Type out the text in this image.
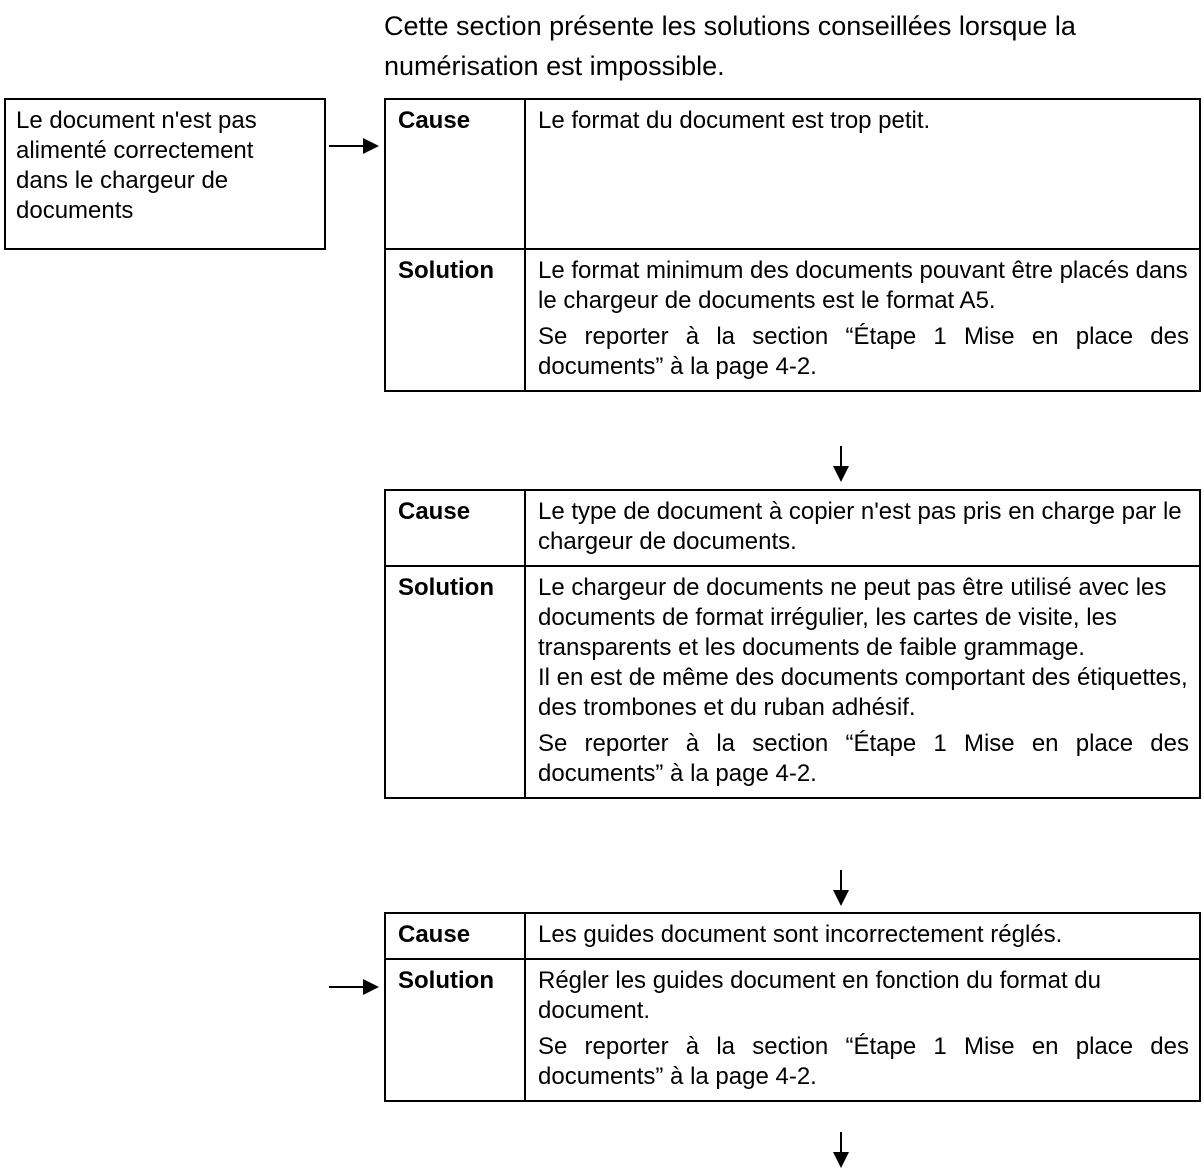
Cette section présente les solutions conseillées lorsque la

numérisation est impossible.

Le document n'est pas
alimenté correctement
dans le chargeur de
documents
Cause	Le format du document est trop petit.
Solution	Le format minimum des documents pouvant être placés dans le chargeur de documents est le format A5.

Se reporter à la section “Étape 1 Mise en place des documents” à la page 4-2.

Cause	Le type de document à copier n'est pas pris en charge par le chargeur de documents.
Solution	Le chargeur de documents ne peut pas être utilisé avec les documents de format irrégulier, les cartes de visite, les transparents et les documents de faible grammage.

Il en est de même des documents comportant des étiquettes, des trombones et du ruban adhésif.

Se reporter à la section “Étape 1 Mise en place des documents” à la page 4-2.

Cause	Les guides document sont incorrectement réglés.
Solution	Régler les guides document en fonction du format du document.

Se reporter à la section “Étape 1 Mise en place des documents” à la page 4-2.
